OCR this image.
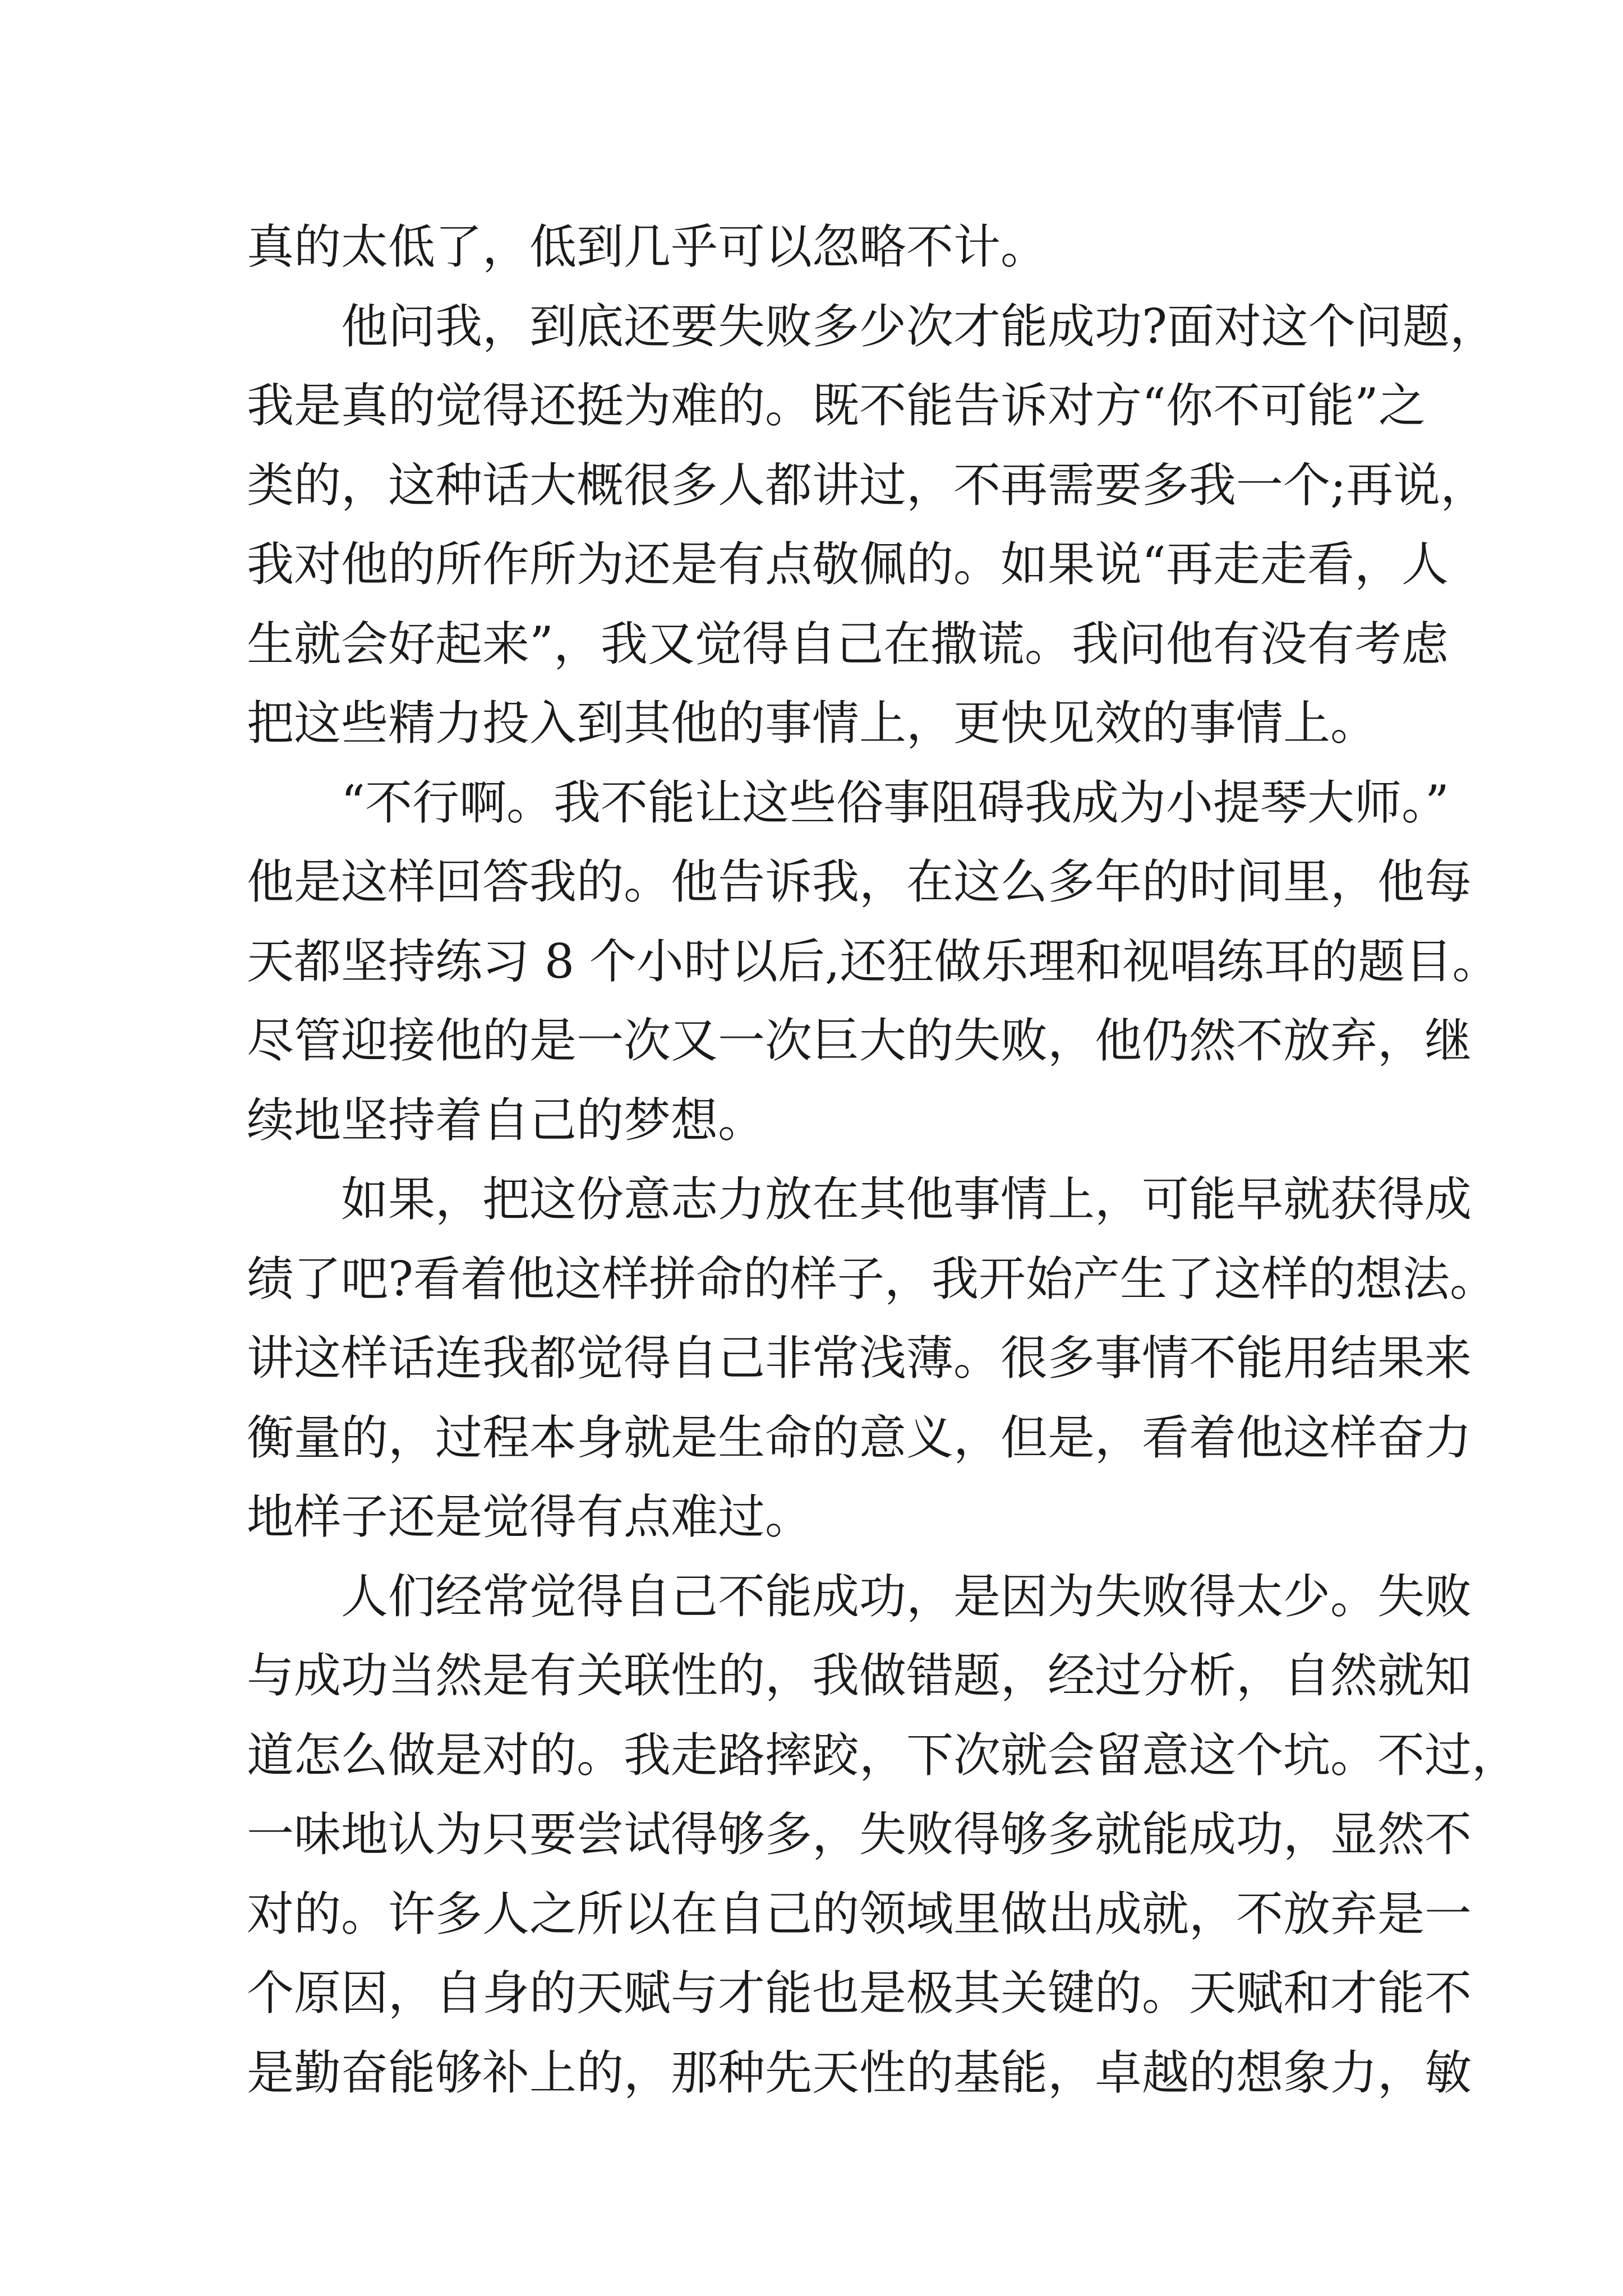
真的太低了，低到几乎可以忽略不计。
他问我，到底还要失败多少次才能成功?面对这个问题，
我是真的觉得还挺为难的。既不能告诉对方“你不可能”之
类的，这种话大概很多人都讲过，不再需要多我一个;再说，
我对他的所作所为还是有点敬佩的。如果说“再走走看，人
生就会好起来”，我又觉得自己在撒谎。我问他有没有考虑
把这些精力投入到其他的事情上，更快见效的事情上。
“不行啊。我不能让这些俗事阻碍我成为小提琴大师。”
他是这样回答我的。他告诉我，在这么多年的时间里，他每
天都坚持练习 8 个小时以后,还狂做乐理和视唱练耳的题目。
尽管迎接他的是一次又一次巨大的失败，他仍然不放弃，继
续地坚持着自己的梦想。
如果，把这份意志力放在其他事情上，可能早就获得成
绩了吧?看着他这样拼命的样子，我开始产生了这样的想法。
讲这样话连我都觉得自己非常浅薄。很多事情不能用结果来
衡量的，过程本身就是生命的意义，但是，看着他这样奋力
地样子还是觉得有点难过。
人们经常觉得自己不能成功，是因为失败得太少。失败
与成功当然是有关联性的，我做错题，经过分析，自然就知
道怎么做是对的。我走路摔跤，下次就会留意这个坑。不过，
一味地认为只要尝试得够多，失败得够多就能成功，显然不
对的。许多人之所以在自己的领域里做出成就，不放弃是一
个原因，自身的天赋与才能也是极其关键的。天赋和才能不
是勤奋能够补上的，那种先天性的基能，卓越的想象力，敏
